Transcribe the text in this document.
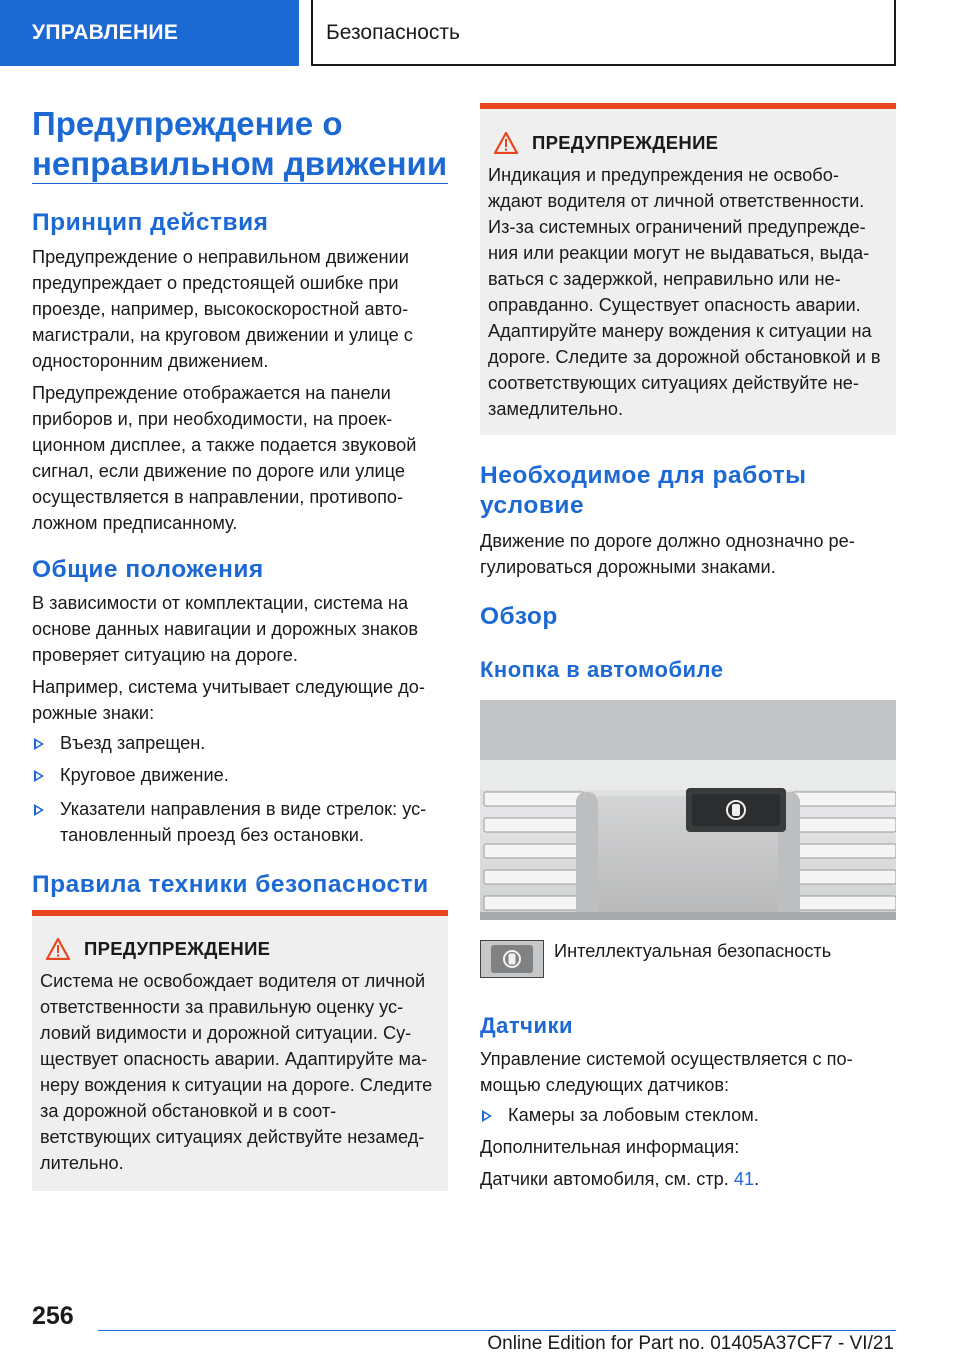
УПРАВЛЕНИЕ	Безопасность
Предупреждение о неправильном движении
Принцип действия

Предупреждение о неправильном движении предупреждает о предстоящей ошибке при проезде, например, высокоскоростной авто-магистрали, на круговом движении и улице с односторонним движением.

Предупреждение отображается на панели приборов и, при необходимости, на проек-ционном дисплее, а также подается звуковой сигнал, если движение по дороге или улице осуществляется в направлении, противопо-ложном предписанному.

Общие положения

В зависимости от комплектации, система на основе данных навигации и дорожных знаков проверяет ситуацию на дороге.

Например, система учитывает следующие до-рожные знаки:

Въезд запрещен.
Круговое движение.
Указатели направления в виде стрелок: ус-тановленный проезд без остановки.
Правила техники безопасности
ПРЕДУПРЕЖДЕНИЕ
Система не освобождает водителя от личной ответственности за правильную оценку ус-ловий видимости и дорожной ситуации. Су-ществует опасность аварии. Адаптируйте ма-неру вождения к ситуации на дороге. Следите за дорожной обстановкой и в соот-ветствующих ситуациях действуйте незамед-лительно.
ПРЕДУПРЕЖДЕНИЕ
Индикация и предупреждения не освобо-ждают водителя от личной ответственности. Из-за системных ограничений предупрежде-ния или реакции могут не выдаваться, выда-ваться с задержкой, неправильно или не-оправданно. Существует опасность аварии. Адаптируйте манеру вождения к ситуации на дороге. Следите за дорожной обстановкой и в соответствующих ситуациях действуйте не-замедлительно.
Необходимое для работы условие

Движение по дороге должно однозначно ре-гулироваться дорожными знаками.

Обзор
Кнопка в автомобиле

Интеллектуальная безопасность

Датчики

Управление системой осуществляется с по-мощью следующих датчиков:

Камеры за лобовым стеклом.

Дополнительная информация:

Датчики автомобиля, см. стр. 41.

256
Online Edition for Part no. 01405A37CF7 - VI/21
